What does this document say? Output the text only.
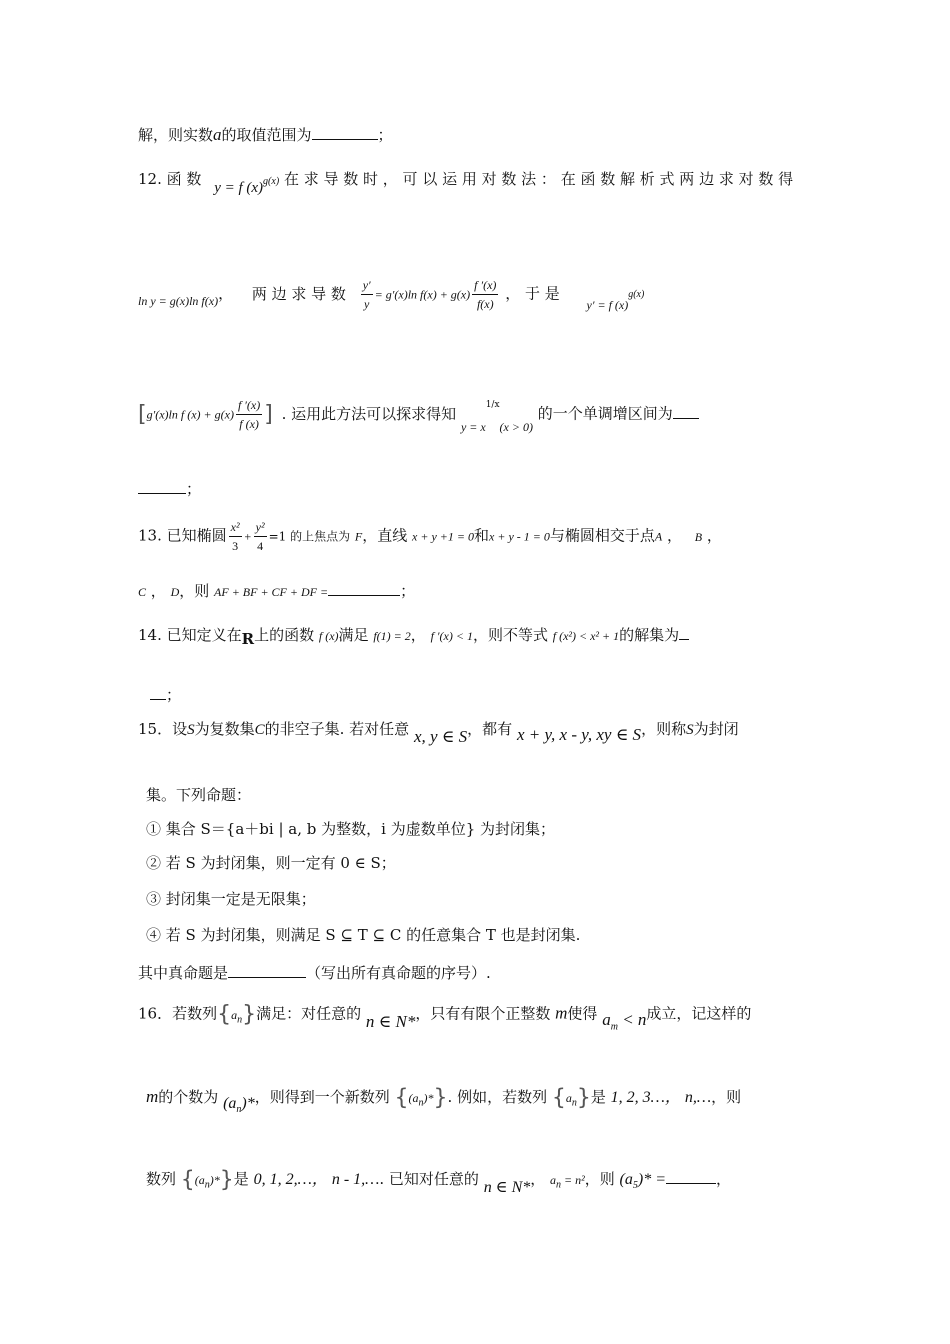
解，则实数a的取值范围为	；
12. 函 数 y = f $(x)^{g(x)}$ 在 求 导 数 时 ， 可 以 运 用 对 数 法 ： 在 函 数 解 析 式 两 边 求 对 数 得
$_{ln y = g(x)ln f(x)}$， 两 边 求 导 数 $\frac{y'}{y} = g'(x)\ln$ $f(x) + g(x) \frac{f '(x)}{f(x)}$ ， 于 是 $_{y' = f (x)}^{g(x)}$
[g′(x)ln f $(x) + g(x) \frac{f '(x)}{f (x)}$ ] . 运用此方法可以探求得知 $_{y = x}^{1/x}_{(x > 0)}$ 的一个单调增区间为
；
13. 已知椭圆 $\frac{\text{x²}}{3} + \frac{\text{y²}}{4} =1$ 的上焦点为 F，直线 x + y +1 = 0和x + y - 1 = 0与椭圆相交于点A ， B ，
C ， D，则 AF + BF + CF + DF =	；
14. 已知定义在R上的函数 f (x)满足 f(1) = 2， f ′(x) < 1，则不等式 f (x²) < x² + 1的解集为
；
15．设S为复数集C的非空子集. 若对任意 x, y ∈ S，都有 x + y, x - y, xy ∈ S，则称S为封闭
集。下列命题：
① 集合 S＝{a＋bi | a, b 为整数，i 为虚数单位} 为封闭集；
② 若 S 为封闭集，则一定有 0 ∈ S；
③ 封闭集一定是无限集；
④ 若 S 为封闭集，则满足 S ⊆ T ⊆ C 的任意集合 T 也是封闭集.
其中真命题是	（写出所有真命题的序号）.
16．若数列$\{a_n\}$满足：对任意的 n ∈ N*，只有有限个正整数 m使得 $a_m < n$成立，记这样的
m的个数为 $(a_n)*$，则得到一个新数列 $\{(a_n)*\}$. 例如，若数列 $\{a_n\}$是 1, 2, 3…， n,…，则
数列 $\{(a_n)*\}$是 0, 1, 2,…， n - 1,…. 已知对任意的 n ∈ N*， $a_n = n^2$，则 $(a_5)*$ =	，
